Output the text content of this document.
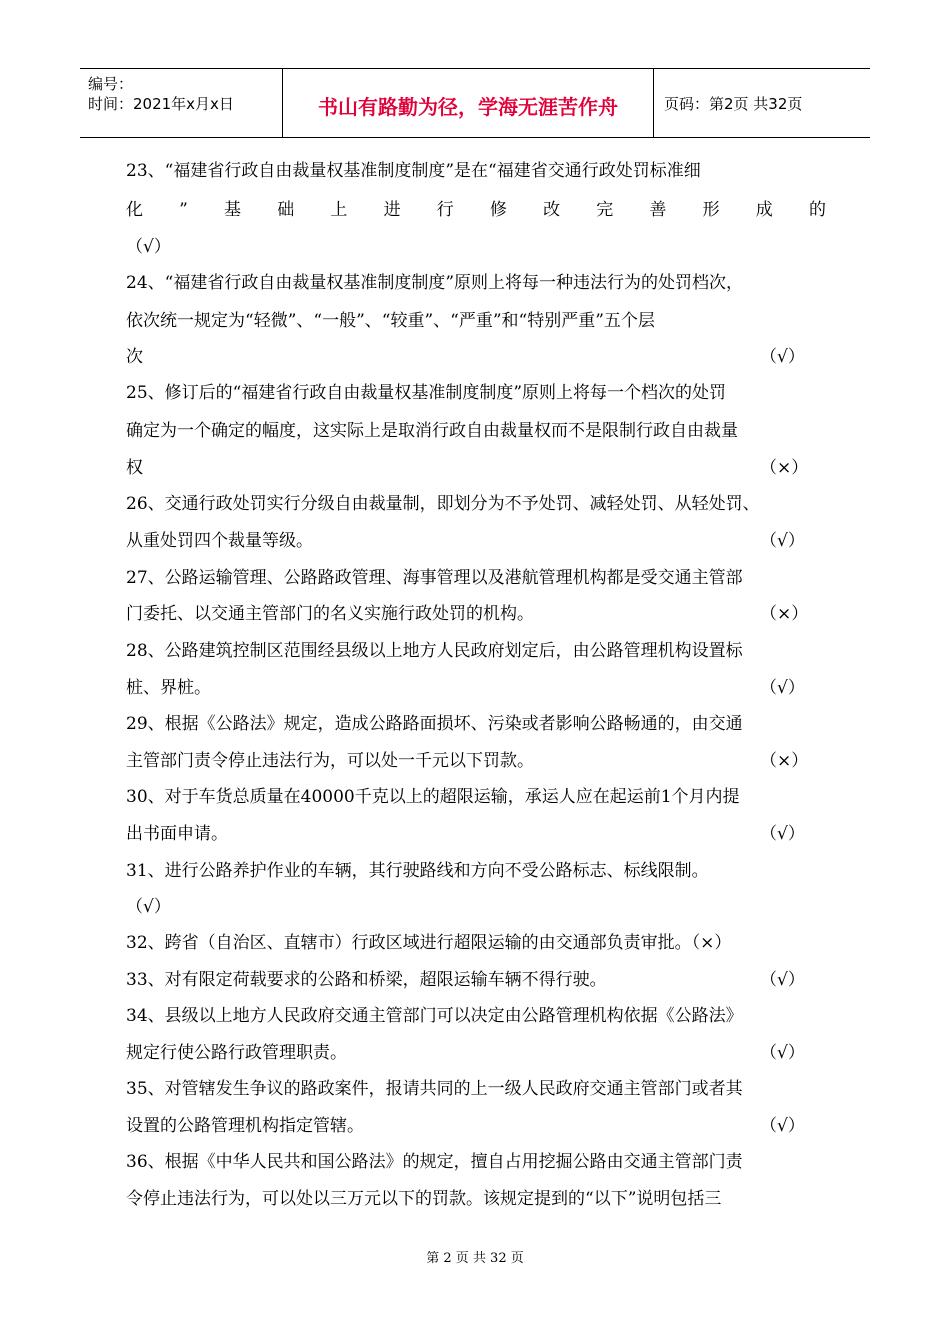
编号：
时间：2021年x月x日	书山有路勤为径，学海无涯苦作舟	页码：第2页 共32页
23、“福建省行政自由裁量权基准制度制度”是在“福建省交通行政处罚标准细
化 ” 基 础 上 进 行 修 改 完 善 形 成 的
（√）
24、“福建省行政自由裁量权基准制度制度”原则上将每一种违法行为的处罚档次，
依次统一规定为“轻微”、“一般”、“较重”、“严重”和“特别严重”五个层
次	（√）
25、修订后的“福建省行政自由裁量权基准制度制度”原则上将每一个档次的处罚
确定为一个确定的幅度，这实际上是取消行政自由裁量权而不是限制行政自由裁量
权	（×）
26、交通行政处罚实行分级自由裁量制，即划分为不予处罚、减轻处罚、从轻处罚、
从重处罚四个裁量等级。	（√）
27、公路运输管理、公路路政管理、海事管理以及港航管理机构都是受交通主管部
门委托、以交通主管部门的名义实施行政处罚的机构。	（×）
28、公路建筑控制区范围经县级以上地方人民政府划定后，由公路管理机构设置标
桩、界桩。	（√）
29、根据《公路法》规定，造成公路路面损坏、污染或者影响公路畅通的，由交通
主管部门责令停止违法行为，可以处一千元以下罚款。	（×）
30、对于车货总质量在40000千克以上的超限运输，承运人应在起运前1个月内提
出书面申请。	（√）
31、进行公路养护作业的车辆，其行驶路线和方向不受公路标志、标线限制。
（√）
32、跨省（自治区、直辖市）行政区域进行超限运输的由交通部负责审批。（×）
33、对有限定荷载要求的公路和桥梁，超限运输车辆不得行驶。	（√）
34、县级以上地方人民政府交通主管部门可以决定由公路管理机构依据《公路法》
规定行使公路行政管理职责。	（√）
35、对管辖发生争议的路政案件，报请共同的上一级人民政府交通主管部门或者其
设置的公路管理机构指定管辖。	（√）
36、根据《中华人民共和国公路法》的规定，擅自占用挖掘公路由交通主管部门责
令停止违法行为，可以处以三万元以下的罚款。该规定提到的“以下”说明包括三
第 2 页 共 32 页
